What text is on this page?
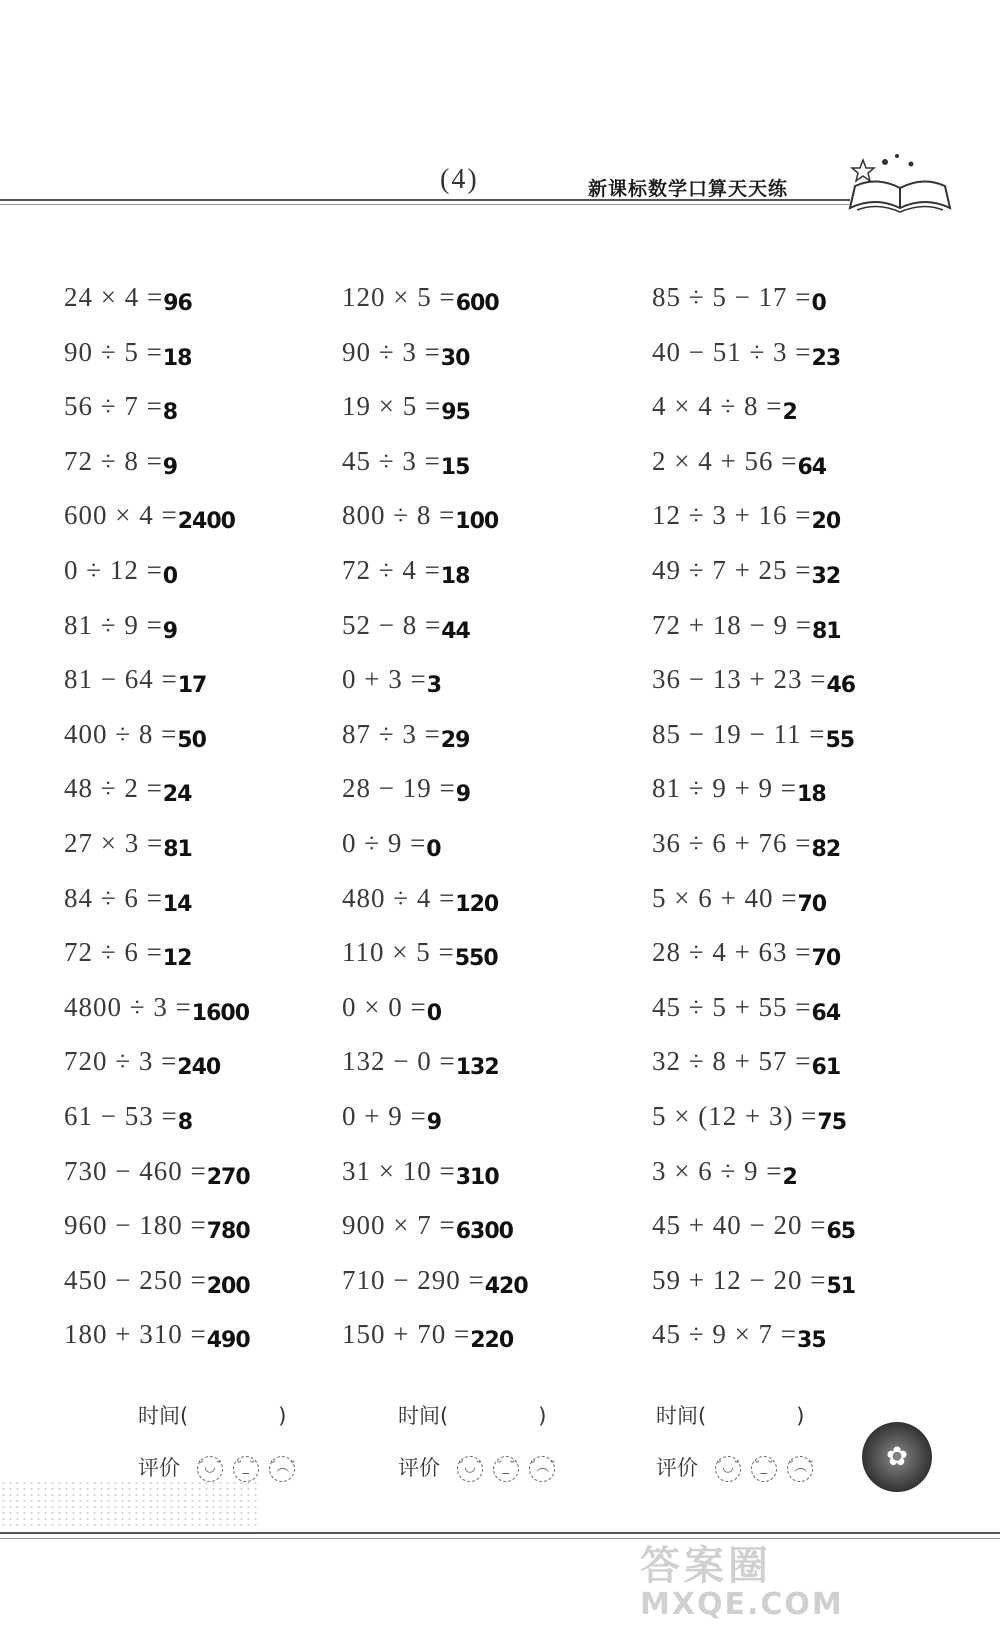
(4)	新课标数学口算天天练
24 × 4 =96
90 ÷ 5 =18
56 ÷ 7 =8
72 ÷ 8 =9
600 × 4 =2400
0 ÷ 12 =0
81 ÷ 9 =9
81 − 64 =17
400 ÷ 8 =50
48 ÷ 2 =24
27 × 3 =81
84 ÷ 6 =14
72 ÷ 6 =12
4800 ÷ 3 =1600
720 ÷ 3 =240
61 − 53 =8
730 − 460 =270
960 − 180 =780
450 − 250 =200
180 + 310 =490
120 × 5 =600
90 ÷ 3 =30
19 × 5 =95
45 ÷ 3 =15
800 ÷ 8 =100
72 ÷ 4 =18
52 − 8 =44
0 + 3 =3
87 ÷ 3 =29
28 − 19 =9
0 ÷ 9 =0
480 ÷ 4 =120
110 × 5 =550
0 × 0 =0
132 − 0 =132
0 + 9 =9
31 × 10 =310
900 × 7 =6300
710 − 290 =420
150 + 70 =220
85 ÷ 5 − 17 =0
40 − 51 ÷ 3 =23
4 × 4 ÷ 8 =2
2 × 4 + 56 =64
12 ÷ 3 + 16 =20
49 ÷ 7 + 25 =32
72 + 18 − 9 =81
36 − 13 + 23 =46
85 − 19 − 11 =55
81 ÷ 9 + 9 =18
36 ÷ 6 + 76 =82
5 × 6 + 40 =70
28 ÷ 4 + 63 =70
45 ÷ 5 + 55 =64
32 ÷ 8 + 57 =61
5 × (12 + 3) =75
3 × 6 ÷ 9 =2
45 + 40 − 20 =65
59 + 12 − 20 =51
45 ÷ 9 × 7 =35
时间(	)
评价 ˘◡˘ ˘_˘ ˘︵˘
时间(	)
评价 ˘◡˘ ˘_˘ ˘︵˘
时间(	)
评价 ˘◡˘ ˘_˘ ˘︵˘	✿
答案圈
MXQE.COM
